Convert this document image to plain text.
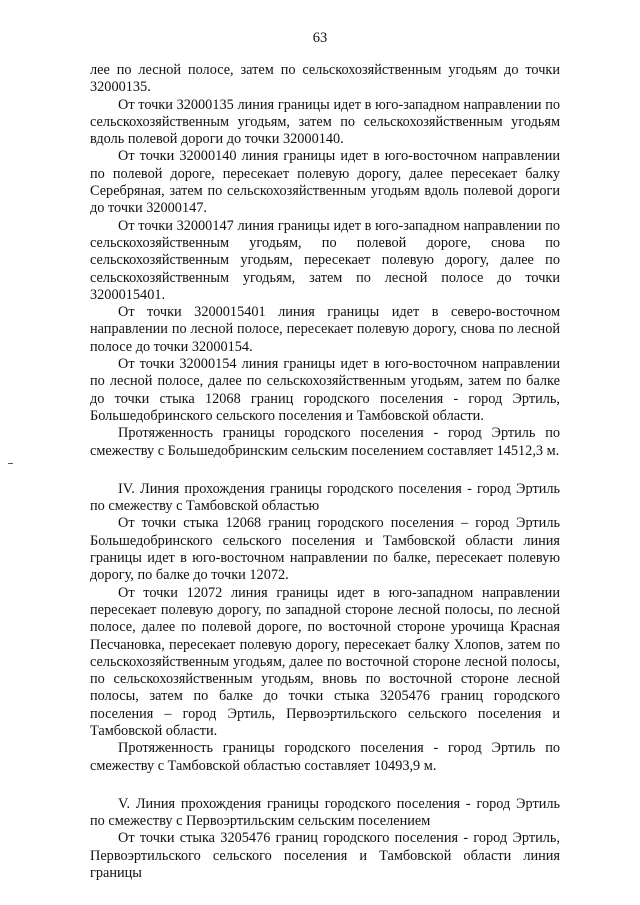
63

лее по лесной полосе, затем по сельскохозяйственным угодьям до точки 32000135.

От точки 32000135 линия границы идет в юго-западном направлении по сельскохозяйственным угодьям, затем по сельскохозяйственным угодьям вдоль полевой дороги до точки 32000140.

От точки 32000140 линия границы идет в юго-восточном направлении по полевой дороге, пересекает полевую дорогу, далее пересекает балку Серебряная, затем по сельскохозяйственным угодьям вдоль полевой дороги до точки 32000147.

От точки 32000147 линия границы идет в юго-западном направлении по сельскохозяйственным угодьям, по полевой дороге, снова по сельскохозяйственным угодьям, пересекает полевую дорогу, далее по сельскохозяйственным угодьям, затем по лесной полосе до точки 3200015401.

От точки 3200015401 линия границы идет в северо-восточном направлении по лесной полосе, пересекает полевую дорогу, снова по лесной полосе до точки 32000154.

От точки 32000154 линия границы идет в юго-восточном направлении по лесной полосе, далее по сельскохозяйственным угодьям, затем по балке до точки стыка 12068 границ городского поселения - город Эртиль, Большедобринского сельского поселения и Тамбовской области.

Протяженность границы городского поселения - город Эртиль по смежеству с Большедобринским сельским поселением составляет 14512,3 м.

IV. Линия прохождения границы городского поселения - город Эртиль по смежеству с Тамбовской областью

От точки стыка 12068 границ городского поселения – город Эртиль Большедобринского сельского поселения и Тамбовской области линия границы идет в юго-восточном направлении по балке, пересекает полевую дорогу, по балке до точки 12072.

От точки 12072 линия границы идет в юго-западном направлении пересекает полевую дорогу, по западной стороне лесной полосы, по лесной полосе, далее по полевой дороге, по восточной стороне урочища Красная Песчановка, пересекает полевую дорогу, пересекает балку Хлопов, затем по сельскохозяйственным угодьям, далее по восточной стороне лесной полосы, по сельскохозяйственным угодьям, вновь по восточной стороне лесной полосы, затем по балке до точки стыка 3205476 границ городского поселения – город Эртиль, Первоэртильского сельского поселения и Тамбовской области.

Протяженность границы городского поселения - город Эртиль по смежеству с Тамбовской областью составляет 10493,9 м.

V. Линия прохождения границы городского поселения - город Эртиль по смежеству с Первоэртильским сельским поселением

От точки стыка 3205476 границ городского поселения - город Эртиль, Первоэртильского сельского поселения и Тамбовской области линия границы
